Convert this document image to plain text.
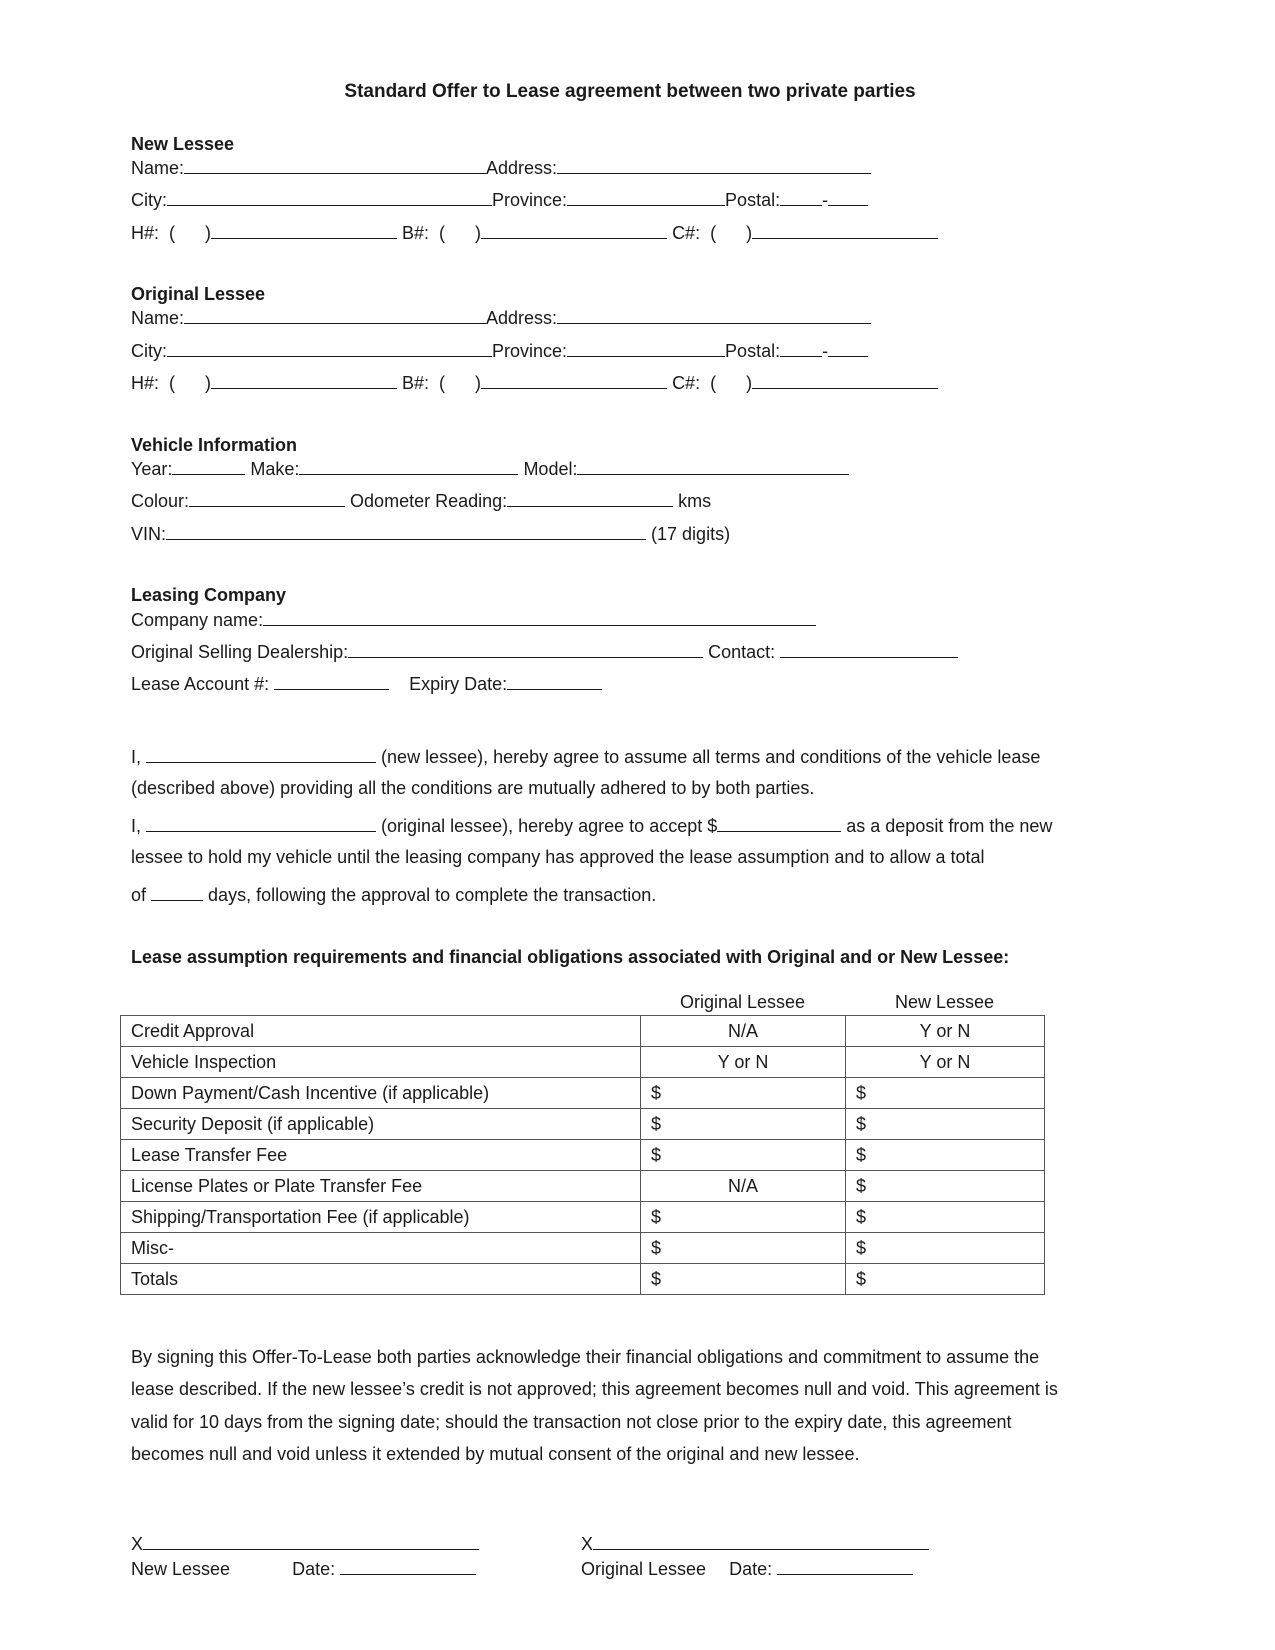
Standard Offer to Lease agreement between two private parties
New Lessee
Name:	Address:
City:	Province:	Postal: -
H#:  (      )	B#:  (      )	C#:  (      )
Original Lessee
Name:	Address:
City:	Province:	Postal: -
H#:  (      )	B#:  (      )	C#:  (      )
Vehicle Information
Year:	Make:	Model:
Colour:	Odometer Reading:	kms
VIN:	(17 digits)
Leasing Company
Company name:
Original Selling Dealership:	Contact:
Lease Account #:	Expiry Date:
I,	(new lessee), hereby agree to assume all terms and conditions of the vehicle lease
(described above) providing all the conditions are mutually adhered to by both parties.
I,	(original lessee), hereby agree to accept $	as a deposit from the new
lessee to hold my vehicle until the leasing company has approved the lease assumption and to allow a total
of	days, following the approval to complete the transaction.
Lease assumption requirements and financial obligations associated with Original and or New Lessee:
Original Lessee	New Lessee
Credit Approval	N/A	Y or N
Vehicle Inspection	Y or N	Y or N
Down Payment/Cash Incentive (if applicable)	$	$
Security Deposit (if applicable)	$	$
Lease Transfer Fee	$	$
License Plates or Plate Transfer Fee	N/A	$
Shipping/Transportation Fee (if applicable)	$	$
Misc-	$	$
Totals	$	$
By signing this Offer-To-Lease both parties acknowledge their financial obligations and commitment to assume the
lease described. If the new lessee’s credit is not approved; this agreement becomes null and void. This agreement is
valid for 10 days from the signing date; should the transaction not close prior to the expiry date, this agreement
becomes null and void unless it extended by mutual consent of the original and new lessee.
X
New Lessee	Date:
X
Original Lessee Date:
